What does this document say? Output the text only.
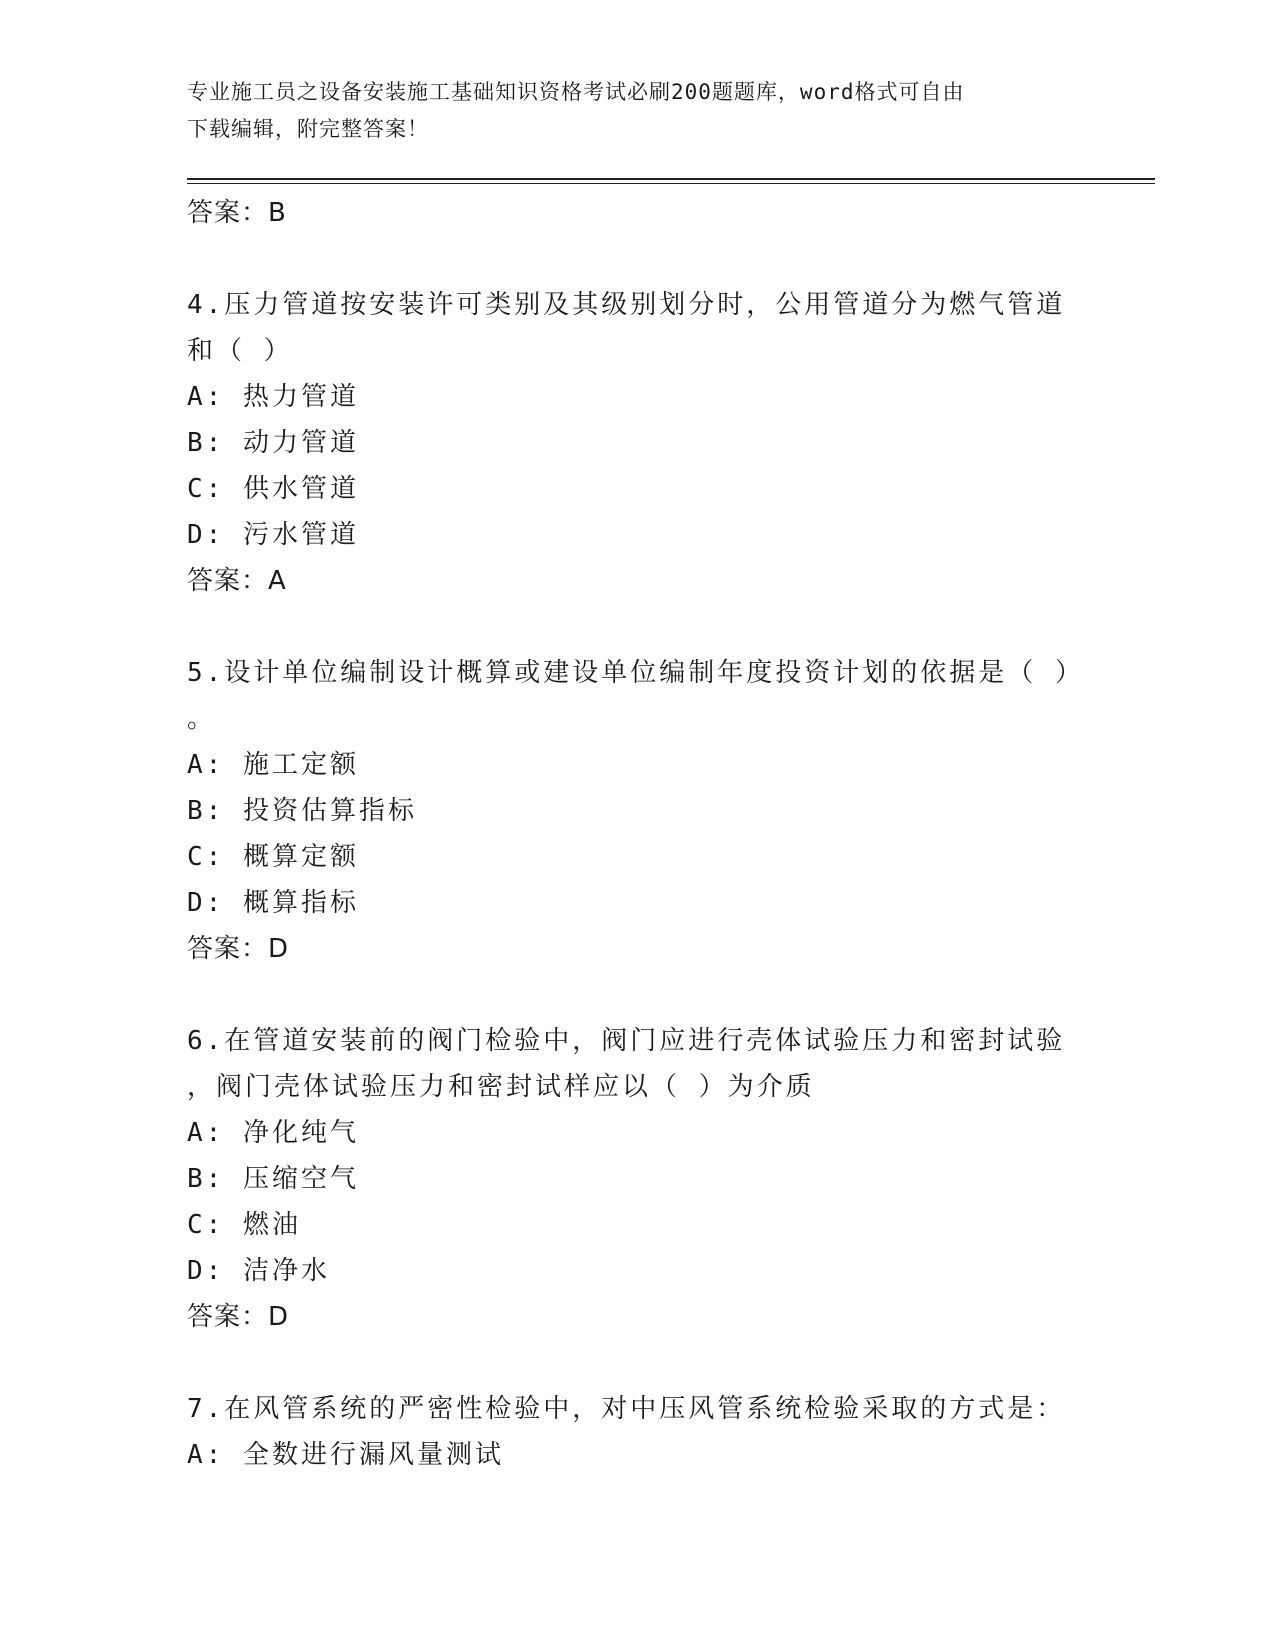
专业施工员之设备安装施工基础知识资格考试必刷200题题库，word格式可自由
下载编辑，附完整答案！
答案：B
4.压力管道按安装许可类别及其级别划分时，公用管道分为燃气管道
和（ ）
A: 热力管道
B: 动力管道
C: 供水管道
D: 污水管道
答案：A
5.设计单位编制设计概算或建设单位编制年度投资计划的依据是（ ）
。
A: 施工定额
B: 投资估算指标
C: 概算定额
D: 概算指标
答案：D
6.在管道安装前的阀门检验中，阀门应进行壳体试验压力和密封试验
，阀门壳体试验压力和密封试样应以（ ）为介质
A: 净化纯气
B: 压缩空气
C: 燃油
D: 洁净水
答案：D
7.在风管系统的严密性检验中，对中压风管系统检验采取的方式是：
A: 全数进行漏风量测试
